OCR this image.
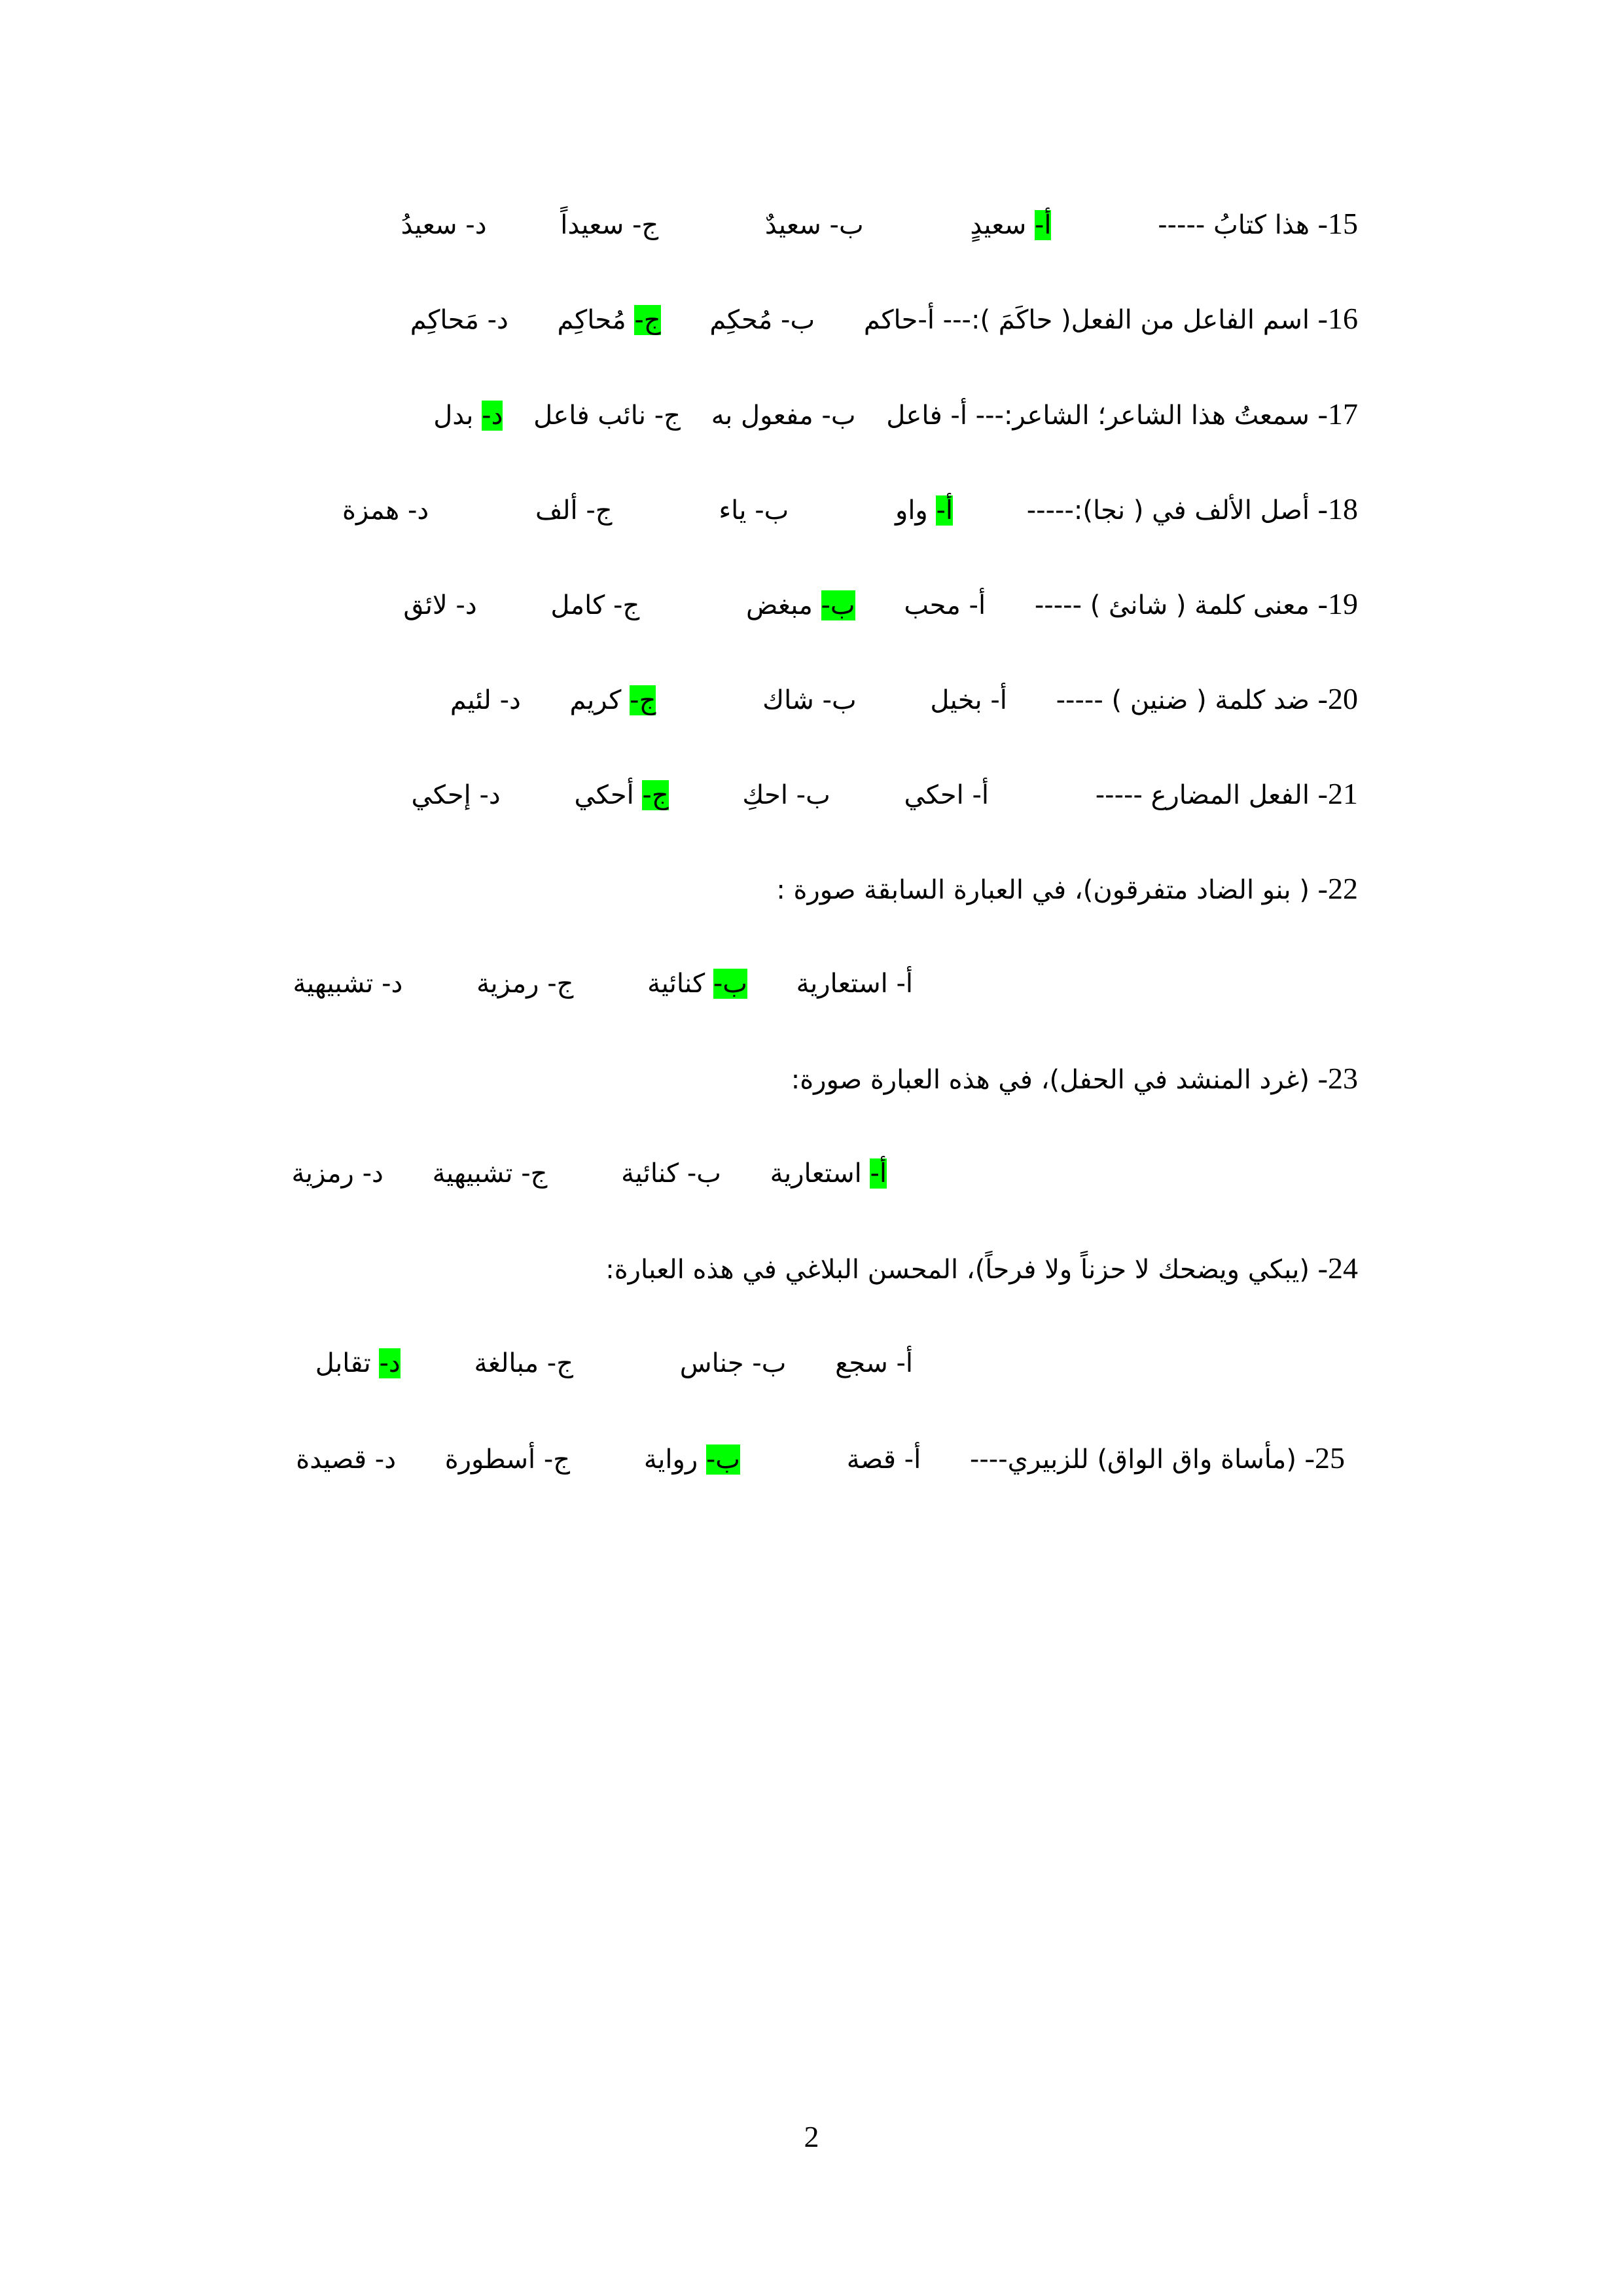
15- هذا كتابُ ----- أ- سعيدٍ ب- سعيدٌ ج- سعيداً د- سعيدُ
16- اسم الفاعل من الفعل( حاكَمَ ):--- أ-حاكم ب- مُحكِم ج- مُحاكِم د- مَحاكِم
17- سمعتُ هذا الشاعر؛ الشاعر:--- أ- فاعل ب- مفعول به ج- نائب فاعل د- بدل
18- أصل الألف في ( نجا):----- أ- واو ب- ياء ج- ألف د- همزة
19- معنى كلمة ( شانئ ) ----- أ- محب ب- مبغض ج- كامل د- لائق
20- ضد كلمة ( ضنين ) ----- أ- بخيل ب- شاك ج- كريم د- لئيم
21- الفعل المضارع ----- أ- احكي ب- احكِ ج- أحكي د- إحكي
22- ( بنو الضاد متفرقون)، في العبارة السابقة صورة :
أ- استعارية ب- كنائية ج- رمزية د- تشبيهية
23- (غرد المنشد في الحفل)، في هذه العبارة صورة:
أ- استعارية ب- كنائية ج- تشبيهية د- رمزية
24- (يبكي ويضحك لا حزناً ولا فرحاً)، المحسن البلاغي في هذه العبارة:
أ- سجع ب- جناس ج- مبالغة د- تقابل
25- (مأساة واق الواق) للزبيري---- أ- قصة ب- رواية ج- أسطورة د- قصيدة
2
